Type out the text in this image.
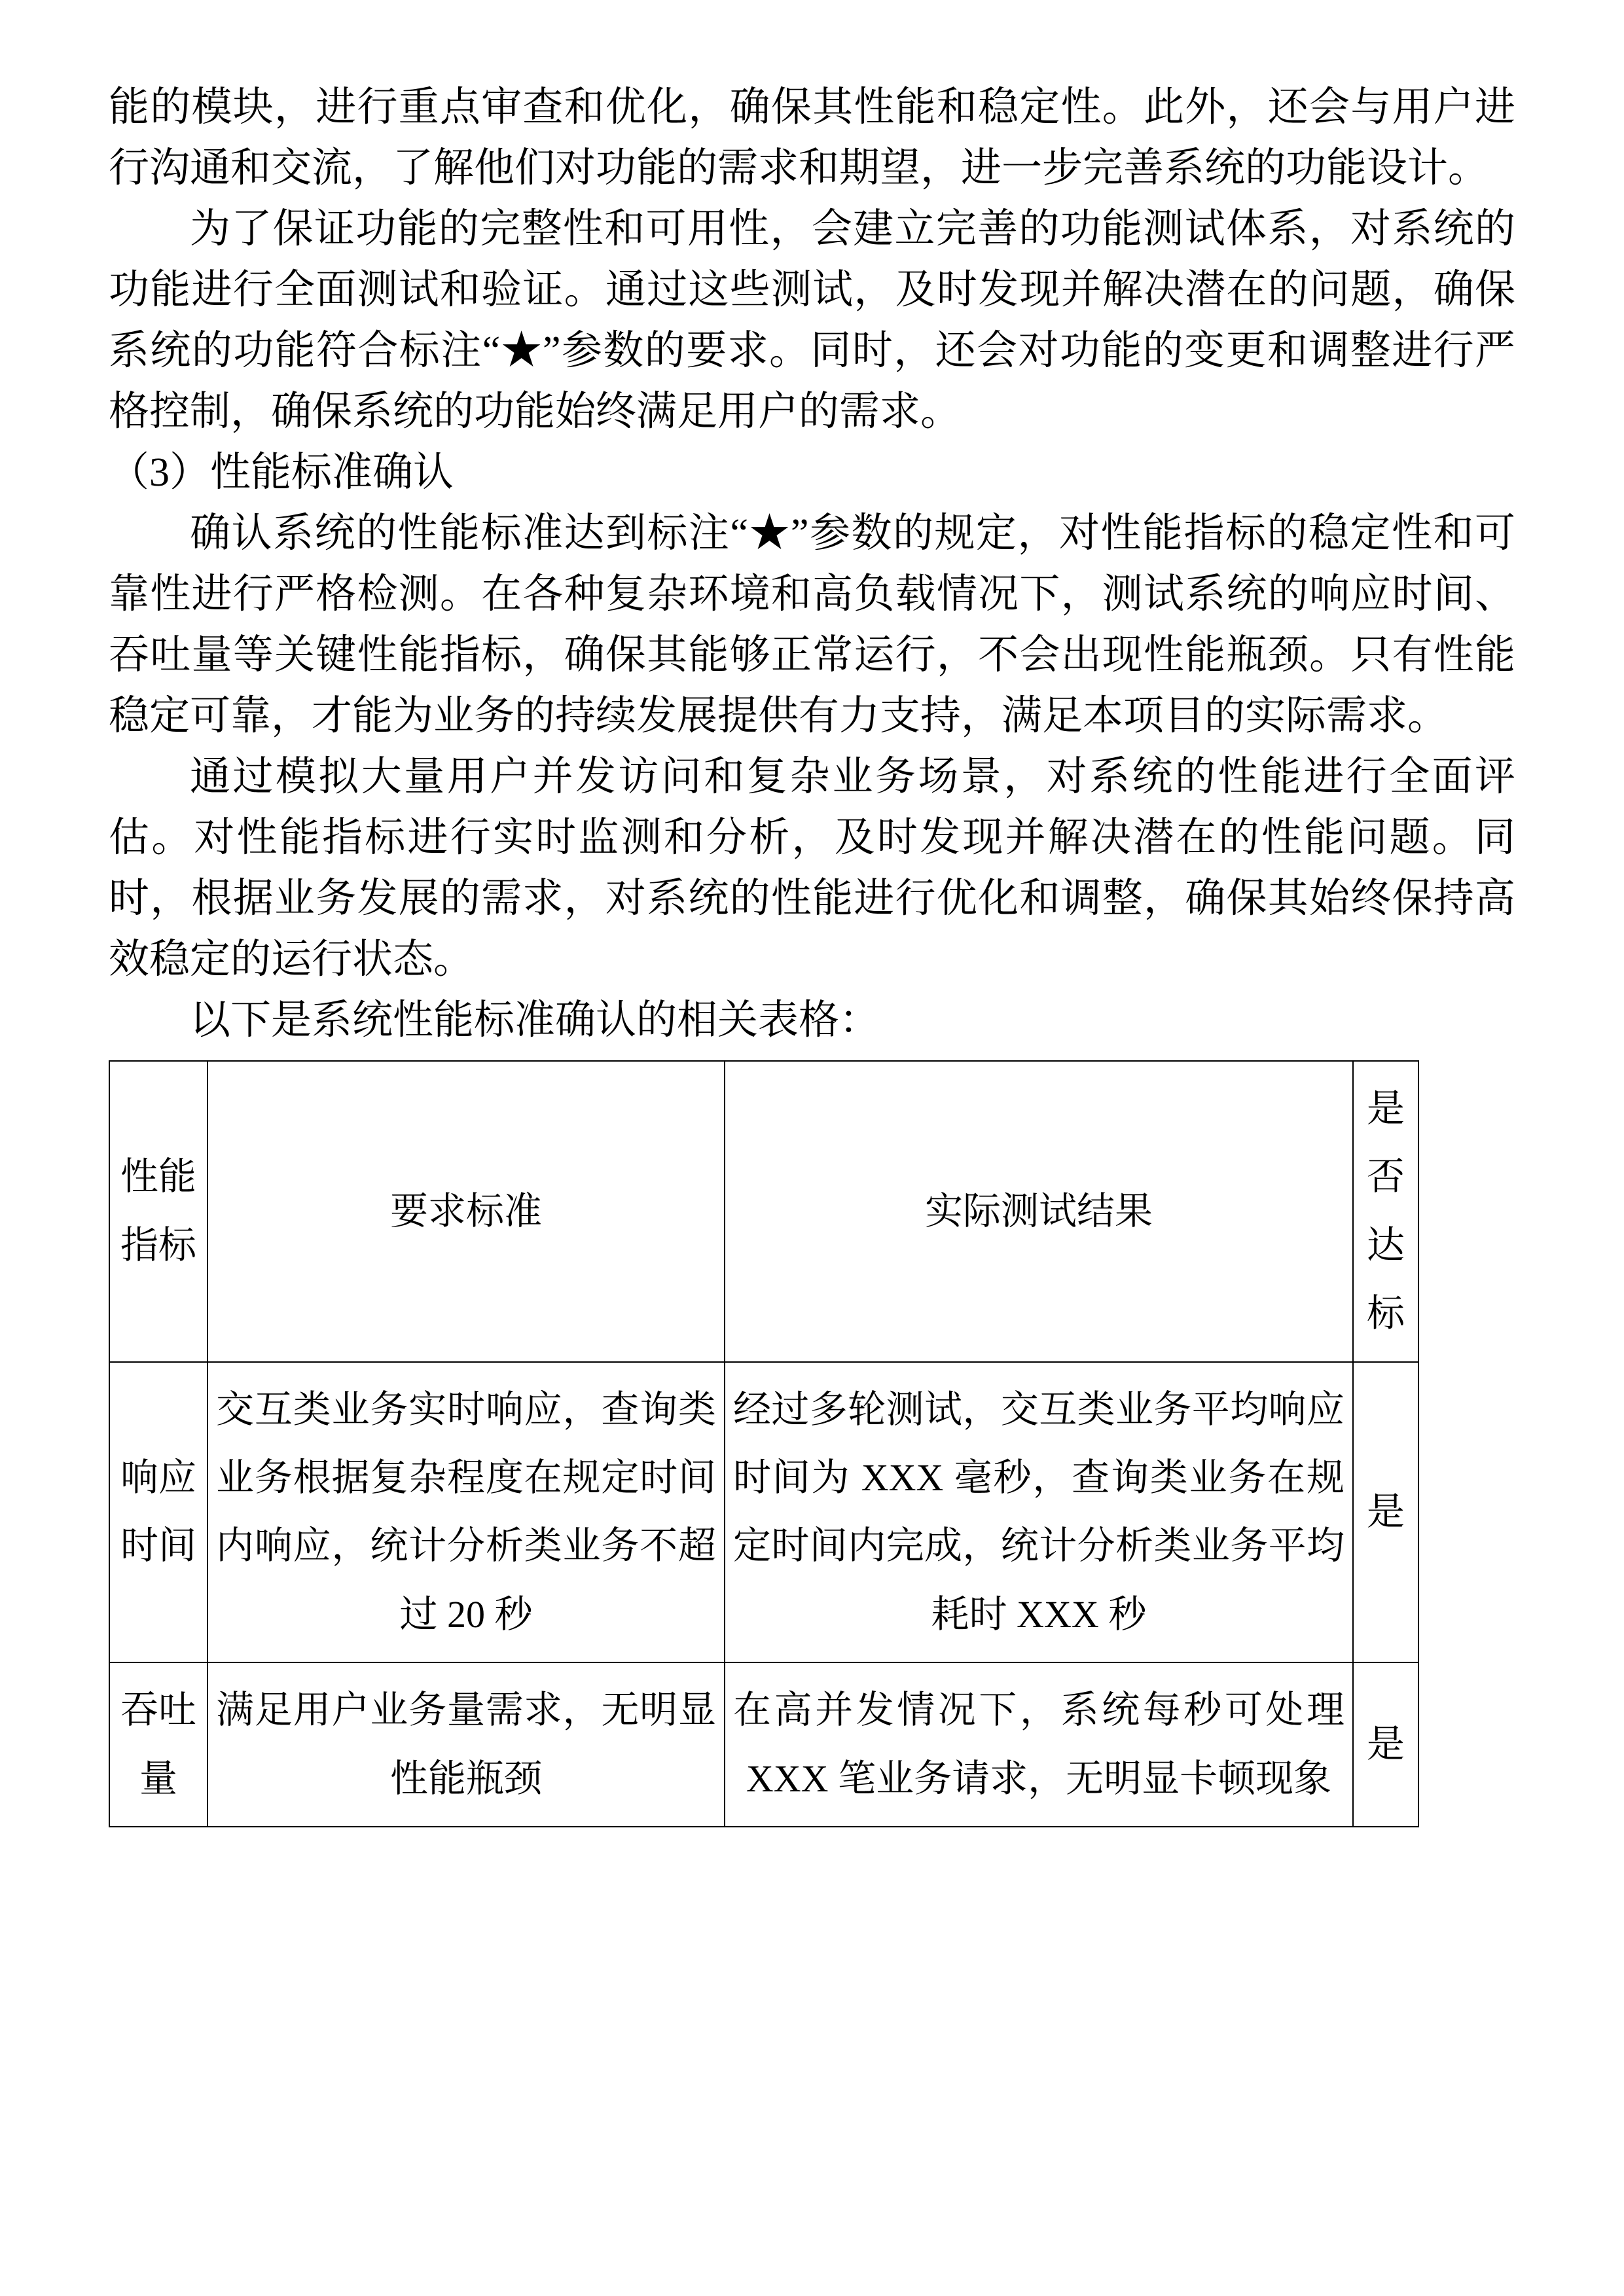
能的模块，进行重点审查和优化，确保其性能和稳定性。此外，还会与用户进行沟通和交流，了解他们对功能的需求和期望，进一步完善系统的功能设计。

为了保证功能的完整性和可用性，会建立完善的功能测试体系，对系统的功能进行全面测试和验证。通过这些测试，及时发现并解决潜在的问题，确保系统的功能符合标注“★”参数的要求。同时，还会对功能的变更和调整进行严格控制，确保系统的功能始终满足用户的需求。

（3）性能标准确认

确认系统的性能标准达到标注“★”参数的规定，对性能指标的稳定性和可靠性进行严格检测。在各种复杂环境和高负载情况下，测试系统的响应时间、吞吐量等关键性能指标，确保其能够正常运行，不会出现性能瓶颈。只有性能稳定可靠，才能为业务的持续发展提供有力支持，满足本项目的实际需求。

通过模拟大量用户并发访问和复杂业务场景，对系统的性能进行全面评估。对性能指标进行实时监测和分析，及时发现并解决潜在的性能问题。同时，根据业务发展的需求，对系统的性能进行优化和调整，确保其始终保持高效稳定的运行状态。

以下是系统性能标准确认的相关表格：

性能指标	要求标准	实际测试结果	是否达标
响应时间	交互类业务实时响应，查询类业务根据复杂程度在规定时间内响应，统计分析类业务不超过 20 秒	经过多轮测试，交互类业务平均响应时间为 XXX 毫秒，查询类业务在规定时间内完成，统计分析类业务平均耗时 XXX 秒	是
吞吐量	满足用户业务量需求，无明显性能瓶颈	在高并发情况下，系统每秒可处理 XXX 笔业务请求，无明显卡顿现象	是
